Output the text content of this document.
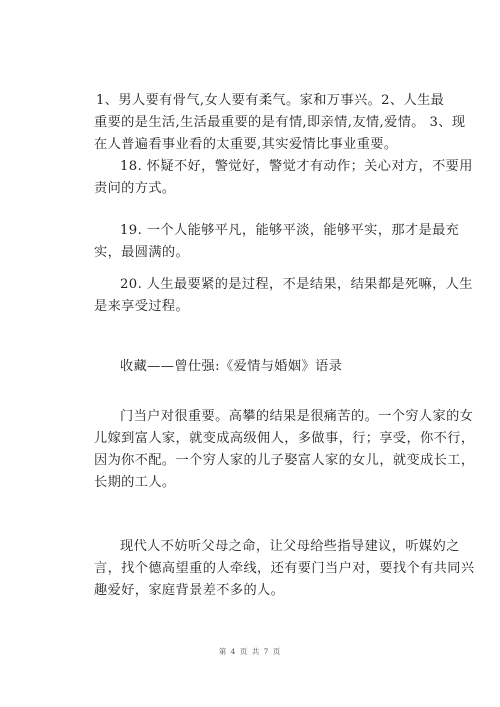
1、男人要有骨气,女人要有柔气。家和万事兴。2、人生最
重要的是生活,生活最重要的是有情,即亲情,友情,爱情。 3、现
在人普遍看事业看的太重要,其实爱情比事业重要。
18. 怀疑不好，警觉好，警觉才有动作；关心对方，不要用
责问的方式。
19. 一个人能够平凡，能够平淡，能够平实，那才是最充
实，最圆满的。
20. 人生最要紧的是过程，不是结果，结果都是死嘛，人生
是来享受过程。
收藏——曾仕强:《爱情与婚姻》语录
门当户对很重要。高攀的结果是很痛苦的。一个穷人家的女
儿嫁到富人家，就变成高级佣人，多做事，行；享受，你不行，
因为你不配。一个穷人家的儿子娶富人家的女儿，就变成长工，
长期的工人。
现代人不妨听父母之命，让父母给些指导建议，听媒妁之
言，找个德高望重的人牵线，还有要门当户对，要找个有共同兴
趣爱好，家庭背景差不多的人。
第 4 页 共 7 页
